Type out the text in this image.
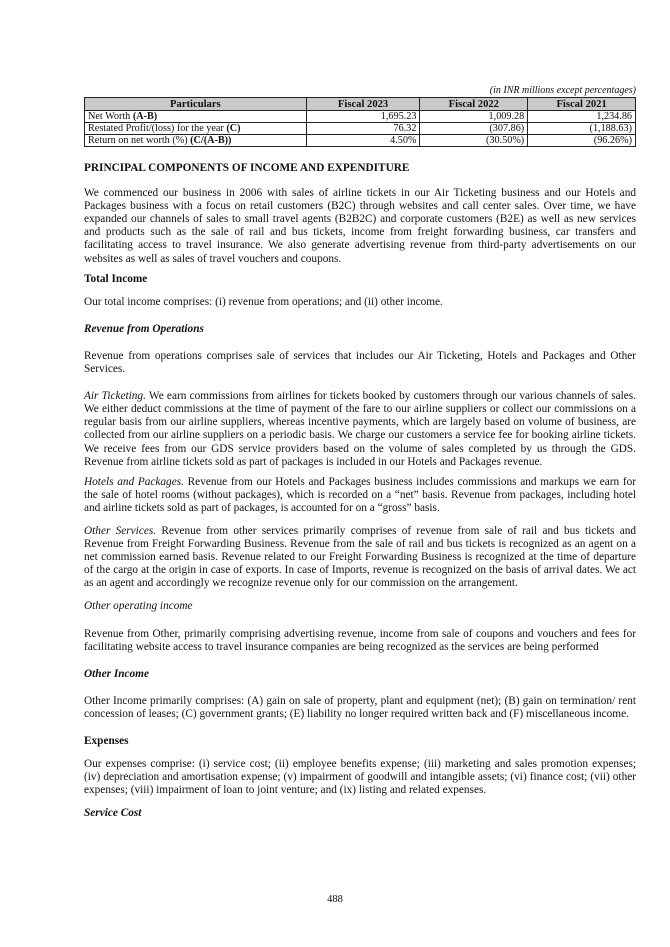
(in INR millions except percentages)
Particulars	Fiscal 2023	Fiscal 2022	Fiscal 2021
Net Worth (A-B)	1,695.23	1,009.28	1,234.86
Restated Profit/(loss) for the year (C)	76.32	(307.86)	(1,188.63)
Return on net worth (%) (C/(A-B))	4.50%	(30.50%)	(96.26%)

PRINCIPAL COMPONENTS OF INCOME AND EXPENDITURE

We commenced our business in 2006 with sales of airline tickets in our Air Ticketing business and our Hotels and Packages business with a focus on retail customers (B2C) through websites and call center sales. Over time, we have expanded our channels of sales to small travel agents (B2B2C) and corporate customers (B2E) as well as new services and products such as the sale of rail and bus tickets, income from freight forwarding business, car transfers and facilitating access to travel insurance. We also generate advertising revenue from third-party advertisements on our websites as well as sales of travel vouchers and coupons.

Total Income

Our total income comprises: (i) revenue from operations; and (ii) other income.

Revenue from Operations

Revenue from operations comprises sale of services that includes our Air Ticketing, Hotels and Packages and Other Services.

Air Ticketing. We earn commissions from airlines for tickets booked by customers through our various channels of sales. We either deduct commissions at the time of payment of the fare to our airline suppliers or collect our commissions on a regular basis from our airline suppliers, whereas incentive payments, which are largely based on volume of business, are collected from our airline suppliers on a periodic basis. We charge our customers a service fee for booking airline tickets. We receive fees from our GDS service providers based on the volume of sales completed by us through the GDS. Revenue from airline tickets sold as part of packages is included in our Hotels and Packages revenue.

Hotels and Packages. Revenue from our Hotels and Packages business includes commissions and markups we earn for the sale of hotel rooms (without packages), which is recorded on a “net” basis. Revenue from packages, including hotel and airline tickets sold as part of packages, is accounted for on a “gross” basis.

Other Services. Revenue from other services primarily comprises of revenue from sale of rail and bus tickets and Revenue from Freight Forwarding Business. Revenue from the sale of rail and bus tickets is recognized as an agent on a net commission earned basis. Revenue related to our Freight Forwarding Business is recognized at the time of departure of the cargo at the origin in case of exports. In case of Imports, revenue is recognized on the basis of arrival dates. We act as an agent and accordingly we recognize revenue only for our commission on the arrangement.

Other operating income

Revenue from Other, primarily comprising advertising revenue, income from sale of coupons and vouchers and fees for facilitating website access to travel insurance companies are being recognized as the services are being performed

Other Income

Other Income primarily comprises: (A) gain on sale of property, plant and equipment (net); (B) gain on termination/ rent concession of leases; (C) government grants; (E) liability no longer required written back and (F) miscellaneous income.

Expenses

Our expenses comprise: (i) service cost; (ii) employee benefits expense; (iii) marketing and sales promotion expenses; (iv) depreciation and amortisation expense; (v) impairment of goodwill and intangible assets; (vi) finance cost; (vii) other expenses; (viii) impairment of loan to joint venture; and (ix) listing and related expenses.

Service Cost

488
